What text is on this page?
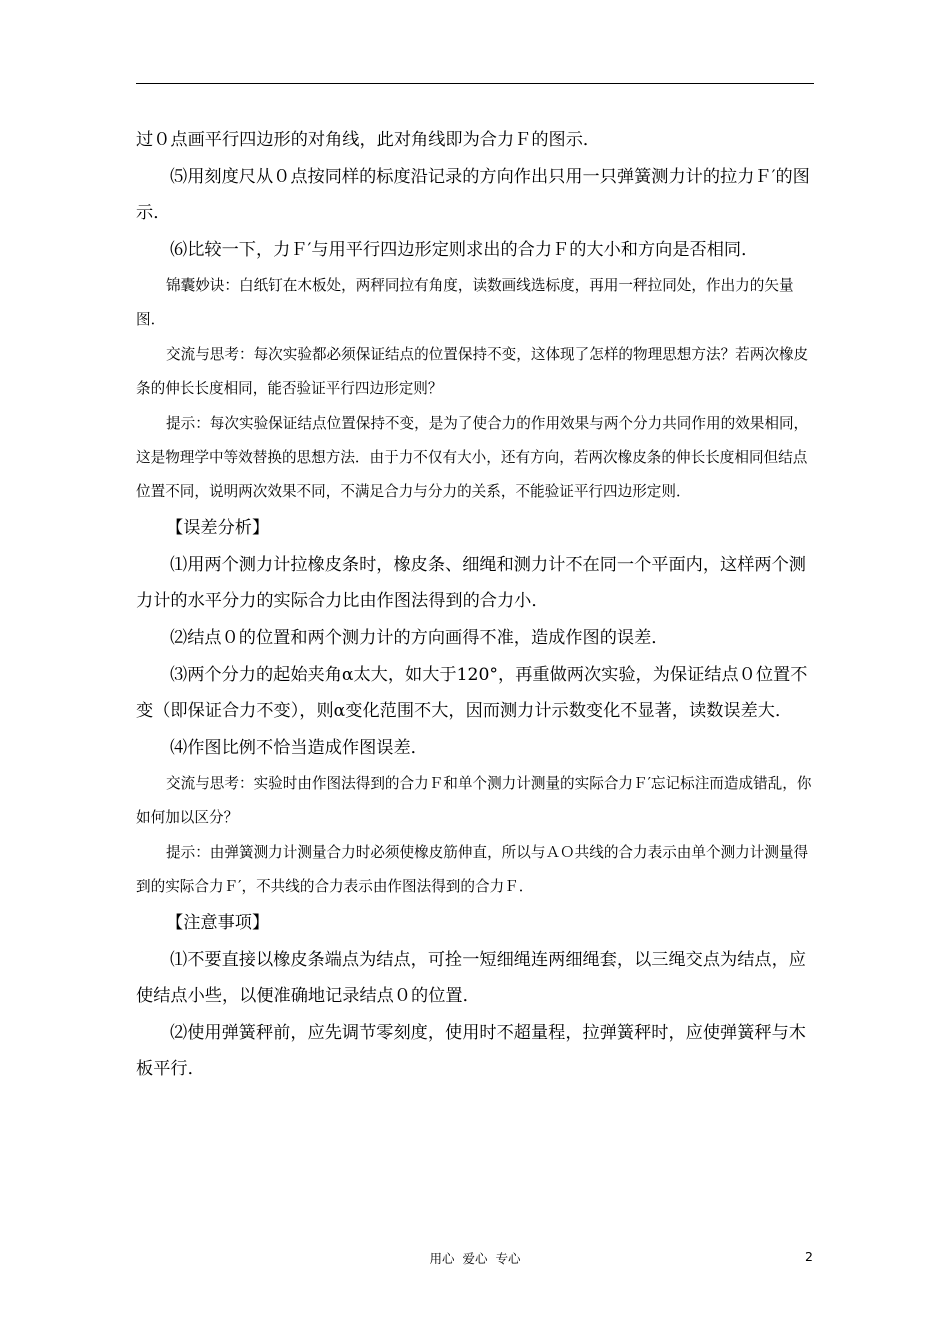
过０点画平行四边形的对角线，此对角线即为合力Ｆ的图示．

⑸用刻度尺从０点按同样的标度沿记录的方向作出只用一只弹簧测力计的拉力Ｆ′的图示．

⑹比较一下，力Ｆ′与用平行四边形定则求出的合力Ｆ的大小和方向是否相同．

锦囊妙诀：白纸钉在木板处，两秤同拉有角度，读数画线选标度，再用一秤拉同处，作出力的矢量图．

交流与思考：每次实验都必须保证结点的位置保持不变，这体现了怎样的物理思想方法？若两次橡皮条的伸长长度相同，能否验证平行四边形定则？

提示：每次实验保证结点位置保持不变，是为了使合力的作用效果与两个分力共同作用的效果相同，这是物理学中等效替换的思想方法．由于力不仅有大小，还有方向，若两次橡皮条的伸长长度相同但结点位置不同，说明两次效果不同，不满足合力与分力的关系，不能验证平行四边形定则．

【误差分析】

⑴用两个测力计拉橡皮条时，橡皮条、细绳和测力计不在同一个平面内，这样两个测力计的水平分力的实际合力比由作图法得到的合力小．

⑵结点０的位置和两个测力计的方向画得不准，造成作图的误差．

⑶两个分力的起始夹角α太大，如大于120°，再重做两次实验，为保证结点０位置不变（即保证合力不变），则α变化范围不大，因而测力计示数变化不显著，读数误差大．

⑷作图比例不恰当造成作图误差．

交流与思考：实验时由作图法得到的合力Ｆ和单个测力计测量的实际合力Ｆ′忘记标注而造成错乱，你如何加以区分？

提示：由弹簧测力计测量合力时必须使橡皮筋伸直，所以与ＡＯ共线的合力表示由单个测力计测量得到的实际合力Ｆ′，不共线的合力表示由作图法得到的合力Ｆ．

【注意事项】

⑴不要直接以橡皮条端点为结点，可拴一短细绳连两细绳套，以三绳交点为结点，应使结点小些，以便准确地记录结点０的位置．

⑵使用弹簧秤前，应先调节零刻度，使用时不超量程，拉弹簧秤时，应使弹簧秤与木板平行．

用心  爱心  专心	2
